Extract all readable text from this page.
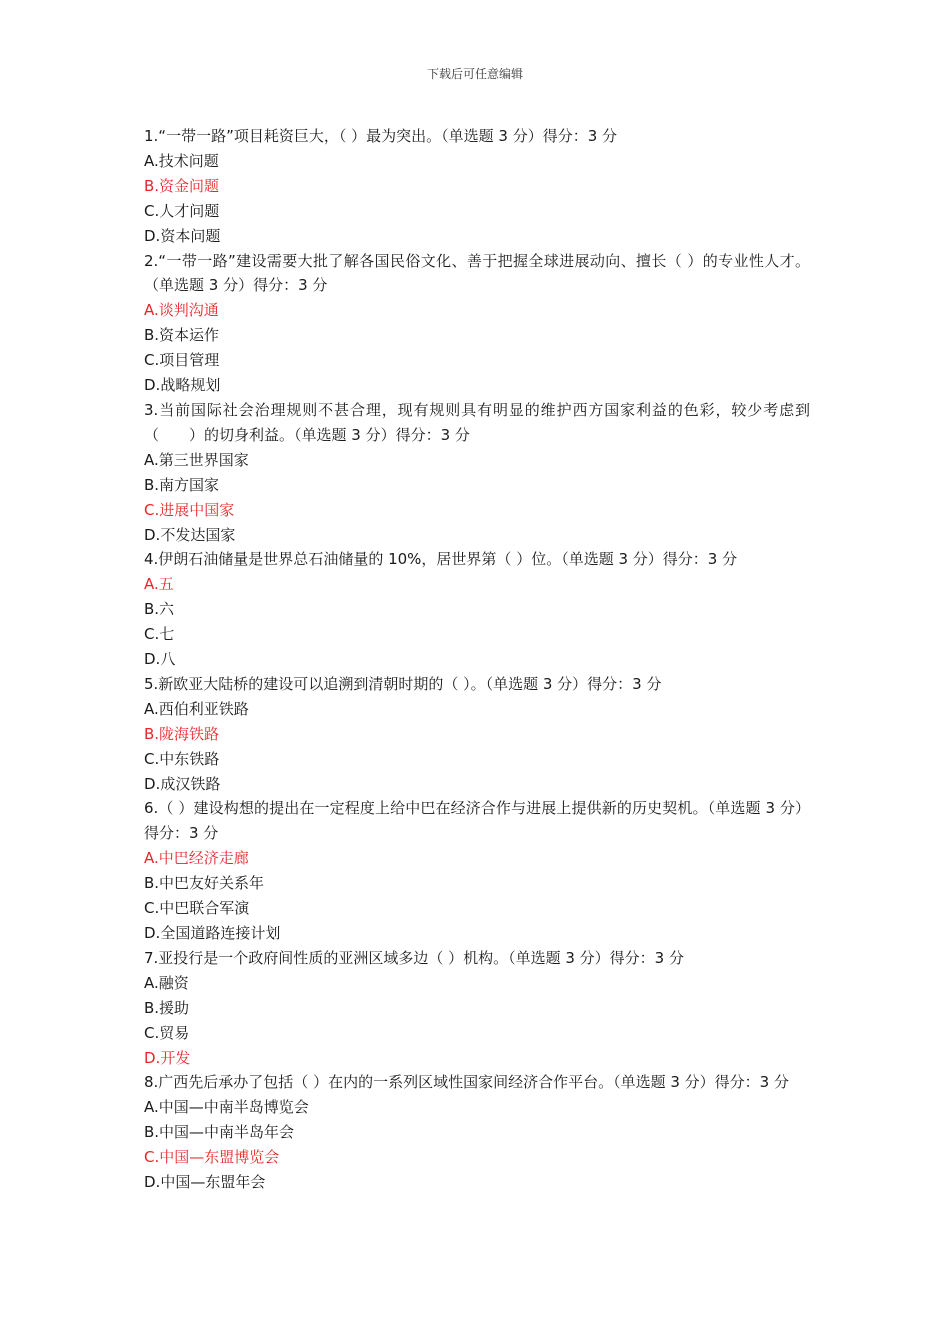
下载后可任意编辑
1.“一带一路”项目耗资巨大，（ ）最为突出。（单选题 3 分）得分：3 分
A.技术问题
B.资金问题
C.人才问题
D.资本问题
2.“一带一路”建设需要大批了解各国民俗文化、善于把握全球进展动向、擅长（ ）的专业性人才。（单选题 3 分）得分：3 分
A.谈判沟通
B.资本运作
C.项目管理
D.战略规划
3.当前国际社会治理规则不甚合理，现有规则具有明显的维护西方国家利益的色彩，较少考虑到（　　）的切身利益。（单选题 3 分）得分：3 分
A.第三世界国家
B.南方国家
C.进展中国家
D.不发达国家
4.伊朗石油储量是世界总石油储量的 10%，居世界第（ ）位。（单选题 3 分）得分：3 分
A.五
B.六
C.七
D.八
5.新欧亚大陆桥的建设可以追溯到清朝时期的（ ）。（单选题 3 分）得分：3 分
A.西伯利亚铁路
B.陇海铁路
C.中东铁路
D.成汉铁路
6.（ ）建设构想的提出在一定程度上给中巴在经济合作与进展上提供新的历史契机。（单选题 3 分）得分：3 分
A.中巴经济走廊
B.中巴友好关系年
C.中巴联合军演
D.全国道路连接计划
7.亚投行是一个政府间性质的亚洲区域多边（ ）机构。（单选题 3 分）得分：3 分
A.融资
B.援助
C.贸易
D.开发
8.广西先后承办了包括（ ）在内的一系列区域性国家间经济合作平台。（单选题 3 分）得分：3 分
A.中国—中南半岛博览会
B.中国—中南半岛年会
C.中国—东盟博览会
D.中国—东盟年会
